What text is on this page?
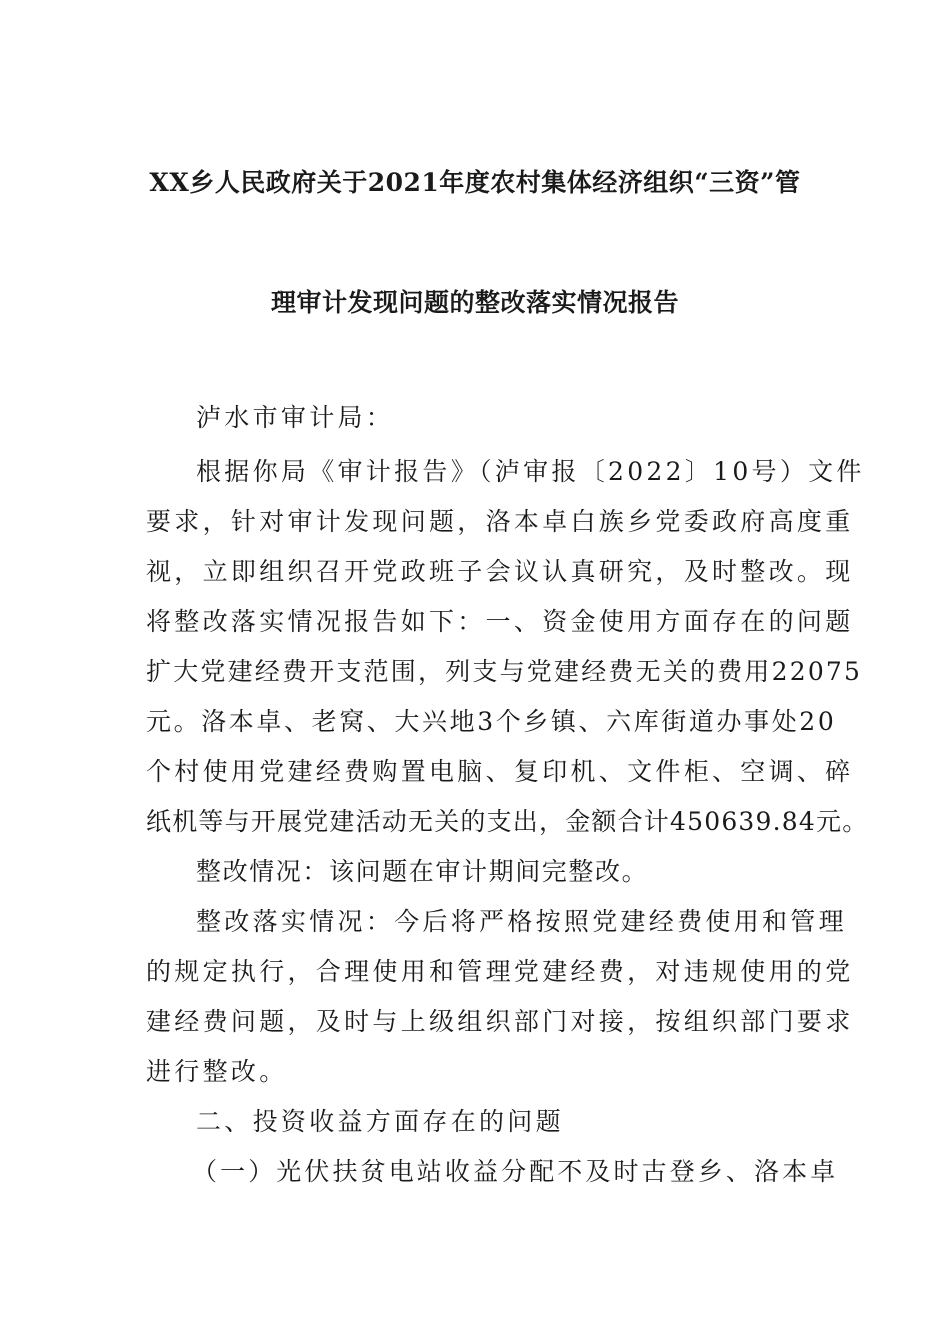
XX乡人民政府关于2021年度农村集体经济组织“三资”管
理审计发现问题的整改落实情况报告
泸水市审计局：
根据你局《审计报告》（泸审报〔2022〕10号）文件
要求，针对审计发现问题，洛本卓白族乡党委政府高度重
视，立即组织召开党政班子会议认真研究，及时整改。现
将整改落实情况报告如下：一、资金使用方面存在的问题
扩大党建经费开支范围，列支与党建经费无关的费用22075
元。洛本卓、老窝、大兴地3个乡镇、六库街道办事处20
个村使用党建经费购置电脑、复印机、文件柜、空调、碎
纸机等与开展党建活动无关的支出，金额合计450639.84元。
整改情况：该问题在审计期间完整改。
整改落实情况：今后将严格按照党建经费使用和管理
的规定执行，合理使用和管理党建经费，对违规使用的党
建经费问题，及时与上级组织部门对接，按组织部门要求
进行整改。
二、投资收益方面存在的问题
（一）光伏扶贫电站收益分配不及时古登乡、洛本卓
